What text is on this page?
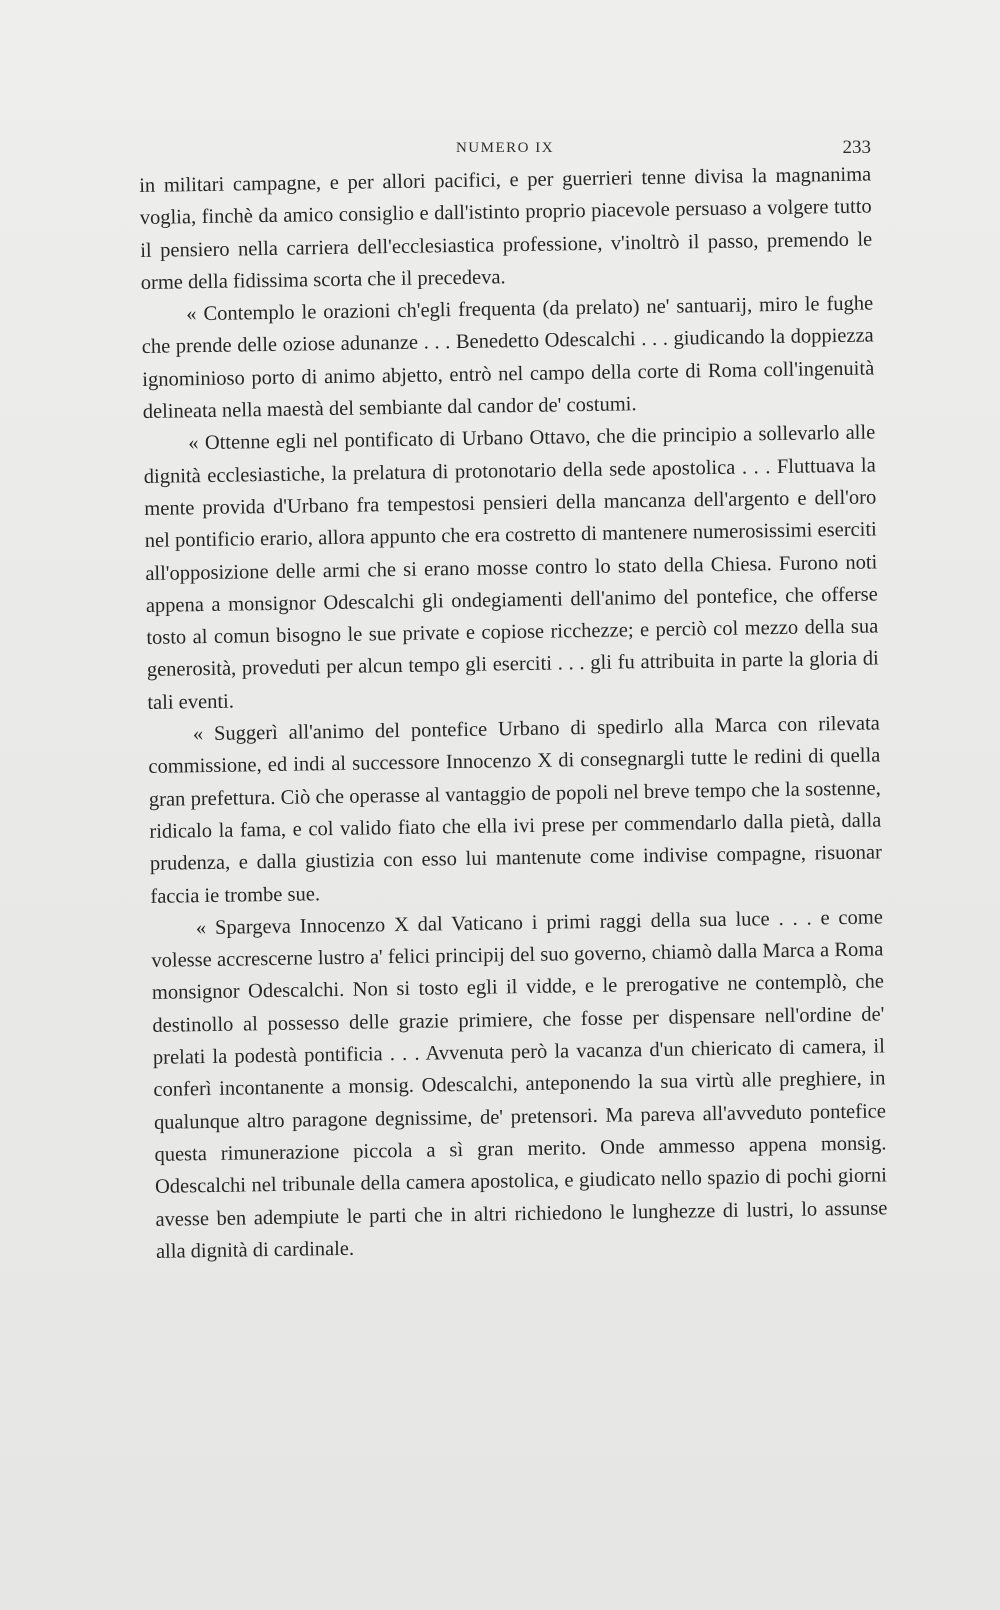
NUMERO IX	233

in militari campagne, e per allori pacifici, e per guerrieri tenne divisa la magnanima voglia, finchè da amico consiglio e dall'istinto proprio piacevole persuaso a volgere tutto il pensiero nella carriera dell'ecclesiastica professione, v'inoltrò il passo, premendo le orme della fidissima scorta che il precedeva.

« Contemplo le orazioni ch'egli frequenta (da prelato) ne' santuarij, miro le fughe che prende delle oziose adunanze . . . Benedetto Odescalchi . . . giudicando la doppiezza ignominioso porto di animo abjetto, entrò nel campo della corte di Roma coll'ingenuità delineata nella maestà del sembiante dal candor de' costumi.

« Ottenne egli nel pontificato di Urbano Ottavo, che die principio a sollevarlo alle dignità ecclesiastiche, la prelatura di protonotario della sede apostolica . . . Fluttuava la mente provida d'Urbano fra tempestosi pensieri della mancanza dell'argento e dell'oro nel pontificio erario, allora appunto che era costretto di mantenere numerosissimi eserciti all'opposizione delle armi che si erano mosse contro lo stato della Chiesa. Furono noti appena a monsignor Odescalchi gli ondegiamenti dell'animo del pontefice, che offerse tosto al comun bisogno le sue private e copiose ricchezze; e perciò col mezzo della sua generosità, proveduti per alcun tempo gli eserciti . . . gli fu attribuita in parte la gloria di tali eventi.

« Suggerì all'animo del pontefice Urbano di spedirlo alla Marca con rilevata commissione, ed indi al successore Innocenzo X di consegnargli tutte le redini di quella gran prefettura. Ciò che operasse al vantaggio de popoli nel breve tempo che la sostenne, ridicalo la fama, e col valido fiato che ella ivi prese per commendarlo dalla pietà, dalla prudenza, e dalla giustizia con esso lui mantenute come indivise compagne, risuonar faccia ie trombe sue.

« Spargeva Innocenzo X dal Vaticano i primi raggi della sua luce . . . e come volesse accrescerne lustro a' felici principij del suo governo, chiamò dalla Marca a Roma monsignor Odescalchi. Non si tosto egli il vidde, e le prerogative ne contemplò, che destinollo al possesso delle grazie primiere, che fosse per dispensare nell'ordine de' prelati la podestà pontificia . . . Avvenuta però la vacanza d'un chiericato di camera, il conferì incontanente a monsig. Odescalchi, anteponendo la sua virtù alle preghiere, in qualunque altro paragone degnissime, de' pretensori. Ma pareva all'avveduto pontefice questa rimunerazione piccola a sì gran merito. Onde ammesso appena monsig. Odescalchi nel tribunale della camera apostolica, e giudicato nello spazio di pochi giorni avesse ben adempiute le parti che in altri richiedono le lunghezze di lustri, lo assunse alla dignità di cardinale.
